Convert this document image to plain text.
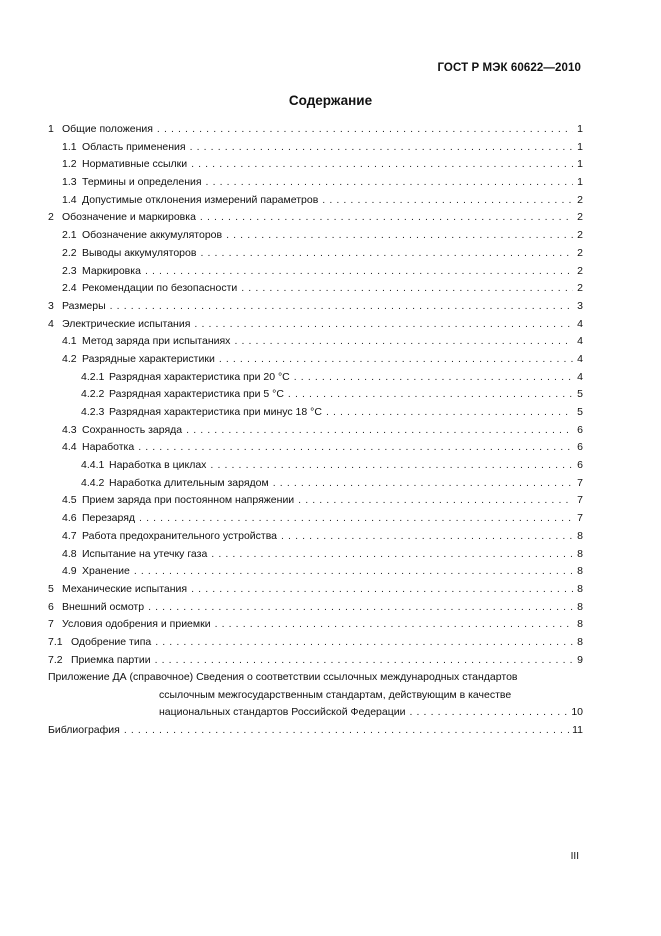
ГОСТ Р МЭК 60622—2010
Содержание
1 Общие положения . . .	1
1.1 Область применения . . .	1
1.2 Нормативные ссылки . . .	1
1.3 Термины и определения . . .	1
1.4 Допустимые отклонения измерений параметров . . .	2
2 Обозначение и маркировка . . .	2
2.1 Обозначение аккумуляторов . . .	2
2.2 Выводы аккумуляторов . . .	2
2.3 Маркировка . . .	2
2.4 Рекомендации по безопасности . . .	2
3 Размеры . . .	3
4 Электрические испытания . . .	4
4.1 Метод заряда при испытаниях . . .	4
4.2 Разрядные характеристики . . .	4
4.2.1 Разрядная характеристика при 20 °C . . .	4
4.2.2 Разрядная характеристика при 5 °C . . .	5
4.2.3 Разрядная характеристика при минус 18 °C . . .	5
4.3 Сохранность заряда . . .	6
4.4 Наработка . . .	6
4.4.1 Наработка в циклах . . .	6
4.4.2 Наработка длительным зарядом . . .	7
4.5 Прием заряда при постоянном напряжении . . .	7
4.6 Перезаряд . . .	7
4.7 Работа предохранительного устройства . . .	8
4.8 Испытание на утечку газа . . .	8
4.9 Хранение . . .	8
5 Механические испытания . . .	8
6 Внешний осмотр . . .	8
7 Условия одобрения и приемки . . .	8
7.1 Одобрение типа . . .	8
7.2 Приемка партии . . .	9
Приложение ДА (справочное) Сведения о соответствии ссылочных международных стандартов
ссылочным межгосударственным стандартам, действующим в качестве
национальных стандартов Российской Федерации . . .	10
Библиография . . .	11
III
